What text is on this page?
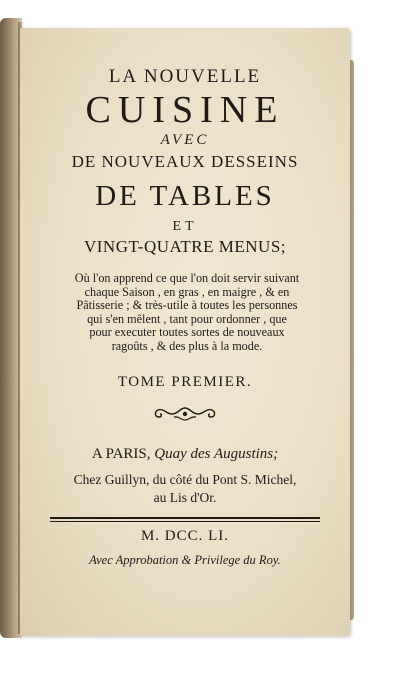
LA NOUVELLE
CUISINE
AVEC
DE NOUVEAUX DESSEINS
DE TABLES
ET
VINGT-QUATRE MENUS;
Où l'on apprend ce que l'on doit servir suivant
chaque Saison , en gras , en maigre , & en
Pâtisserie ; & très-utile à toutes les personnes
qui s'en mêlent , tant pour ordonner , que
pour executer toutes sortes de nouveaux
ragoûts , & des plus à la mode.
TOME PREMIER.
A PARIS, Quay des Augustins;
Chez Guillyn, du côté du Pont S. Michel,
au Lis d'Or.
M. DCC. LI.
Avec Approbation & Privilege du Roy.
